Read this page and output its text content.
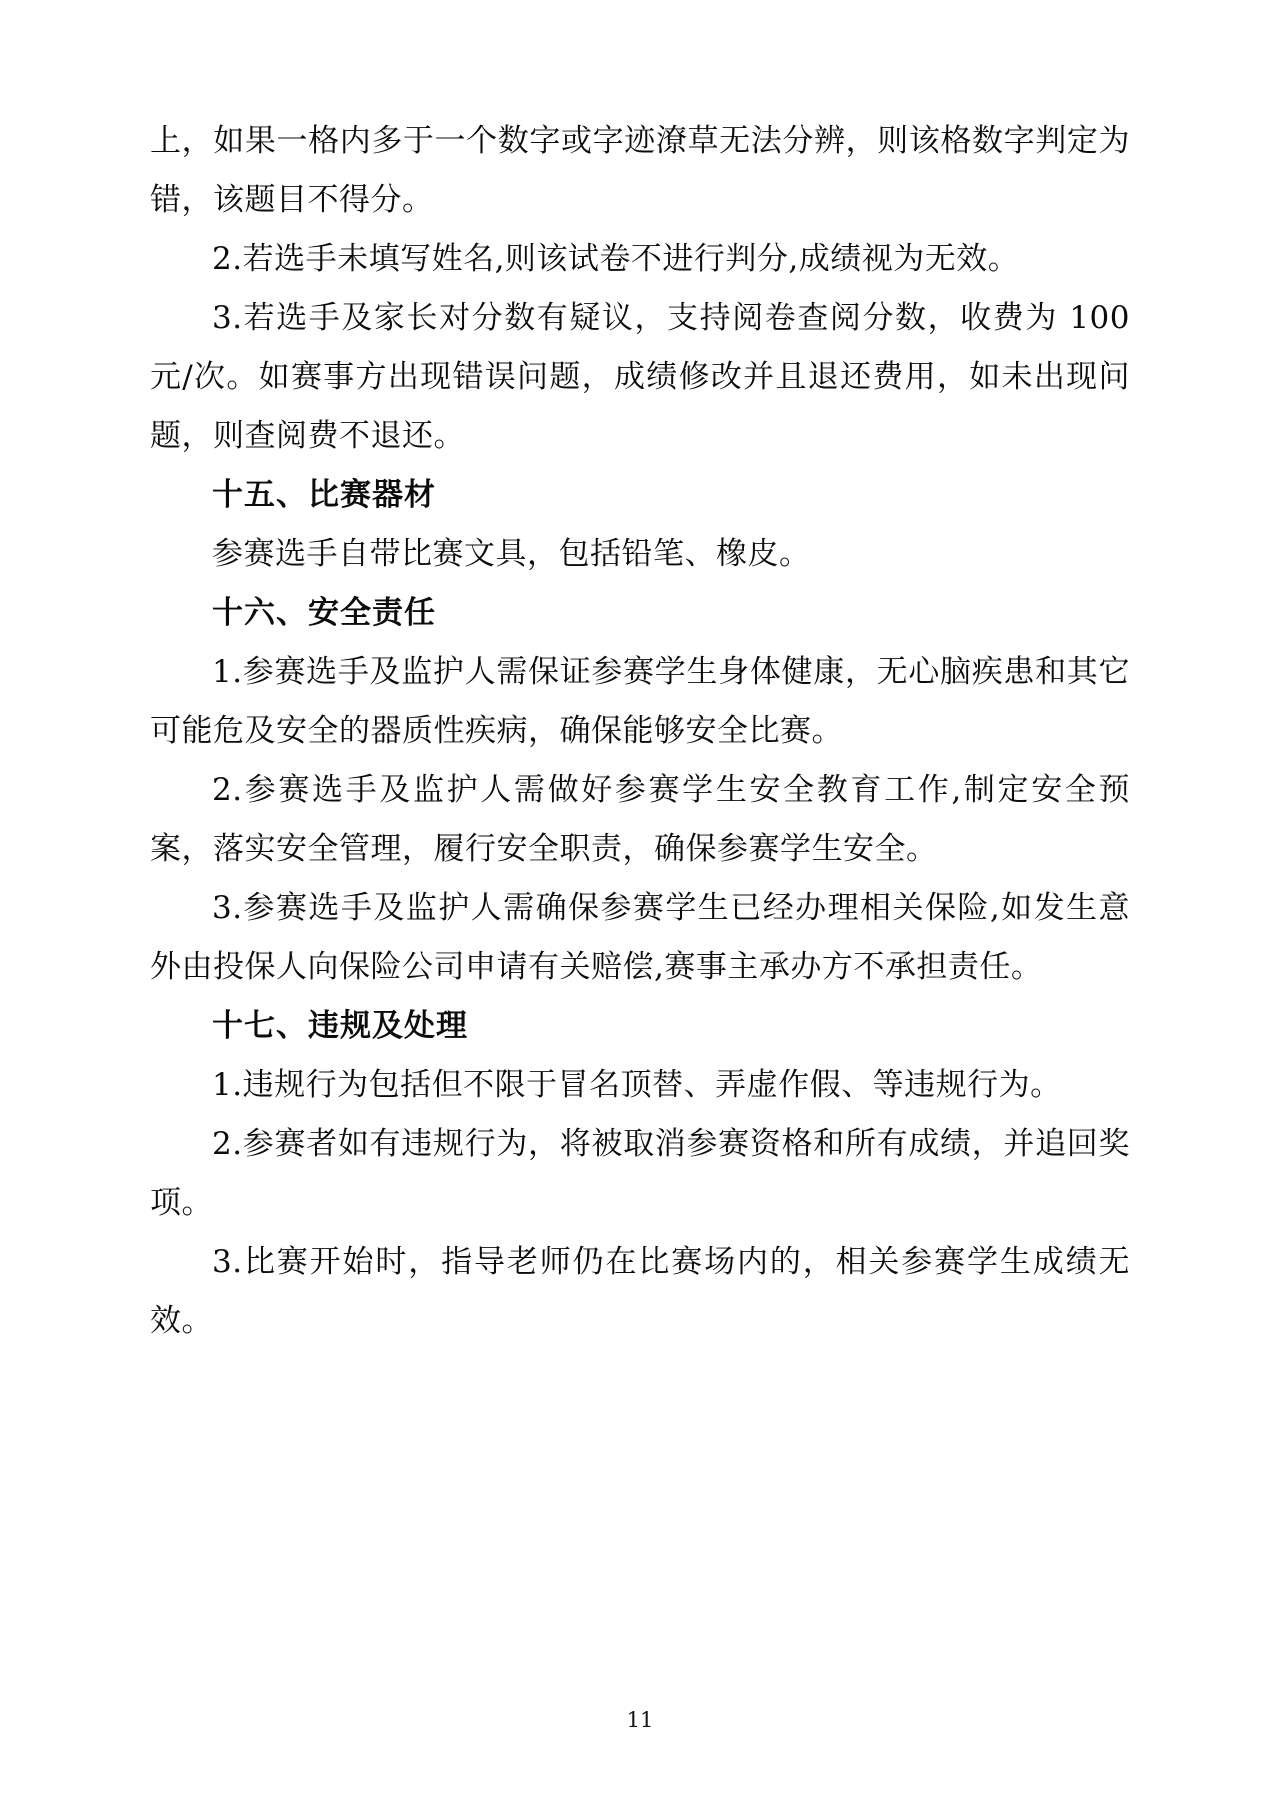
上，如果一格内多于一个数字或字迹潦草无法分辨，则该格数字判定为错，该题目不得分。

2.若选手未填写姓名,则该试卷不进行判分,成绩视为无效。

3.若选手及家长对分数有疑议，支持阅卷查阅分数，收费为 100 元/次。如赛事方出现错误问题，成绩修改并且退还费用，如未出现问题，则查阅费不退还。

十五、比赛器材

参赛选手自带比赛文具，包括铅笔、橡皮。

十六、安全责任

1.参赛选手及监护人需保证参赛学生身体健康，无心脑疾患和其它可能危及安全的器质性疾病，确保能够安全比赛。

2.参赛选手及监护人需做好参赛学生安全教育工作,制定安全预案，落实安全管理，履行安全职责，确保参赛学生安全。

3.参赛选手及监护人需确保参赛学生已经办理相关保险,如发生意外由投保人向保险公司申请有关赔偿,赛事主承办方不承担责任。

十七、违规及处理

1.违规行为包括但不限于冒名顶替、弄虚作假、等违规行为。

2.参赛者如有违规行为，将被取消参赛资格和所有成绩，并追回奖项。

3.比赛开始时，指导老师仍在比赛场内的，相关参赛学生成绩无效。

11
